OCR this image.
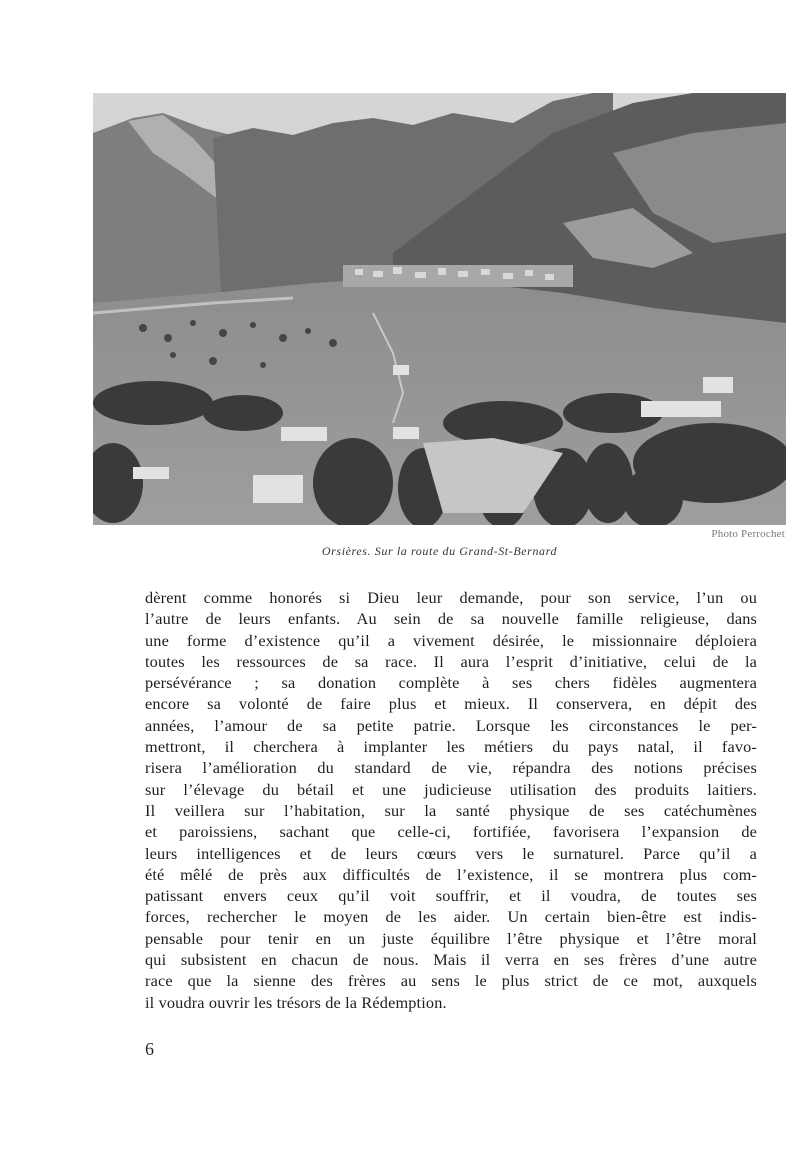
Photo Perrochet
Orsières. Sur la route du Grand-St-Bernard

dèrent comme honorés si Dieu leur demande, pour son service, l’un ou
l’autre de leurs enfants. Au sein de sa nouvelle famille religieuse, dans
une forme d’existence qu’il a vivement désirée, le missionnaire déploiera
toutes les ressources de sa race. Il aura l’esprit d’initiative, celui de la
persévérance ; sa donation complète à ses chers fidèles augmentera
encore sa volonté de faire plus et mieux. Il conservera, en dépit des
années, l’amour de sa petite patrie. Lorsque les circonstances le per-
mettront, il cherchera à implanter les métiers du pays natal, il favo-
risera l’amélioration du standard de vie, répandra des notions précises
sur l’élevage du bétail et une judicieuse utilisation des produits laitiers.
Il veillera sur l’habitation, sur la santé physique de ses catéchumènes
et paroissiens, sachant que celle-ci, fortifiée, favorisera l’expansion de
leurs intelligences et de leurs cœurs vers le surnaturel. Parce qu’il a
été mêlé de près aux difficultés de l’existence, il se montrera plus com-
patissant envers ceux qu’il voit souffrir, et il voudra, de toutes ses
forces, rechercher le moyen de les aider. Un certain bien-être est indis-
pensable pour tenir en un juste équilibre l’être physique et l’être moral
qui subsistent en chacun de nous. Mais il verra en ses frères d’une autre
race que la sienne des frères au sens le plus strict de ce mot, auxquels
il voudra ouvrir les trésors de la Rédemption.

6
